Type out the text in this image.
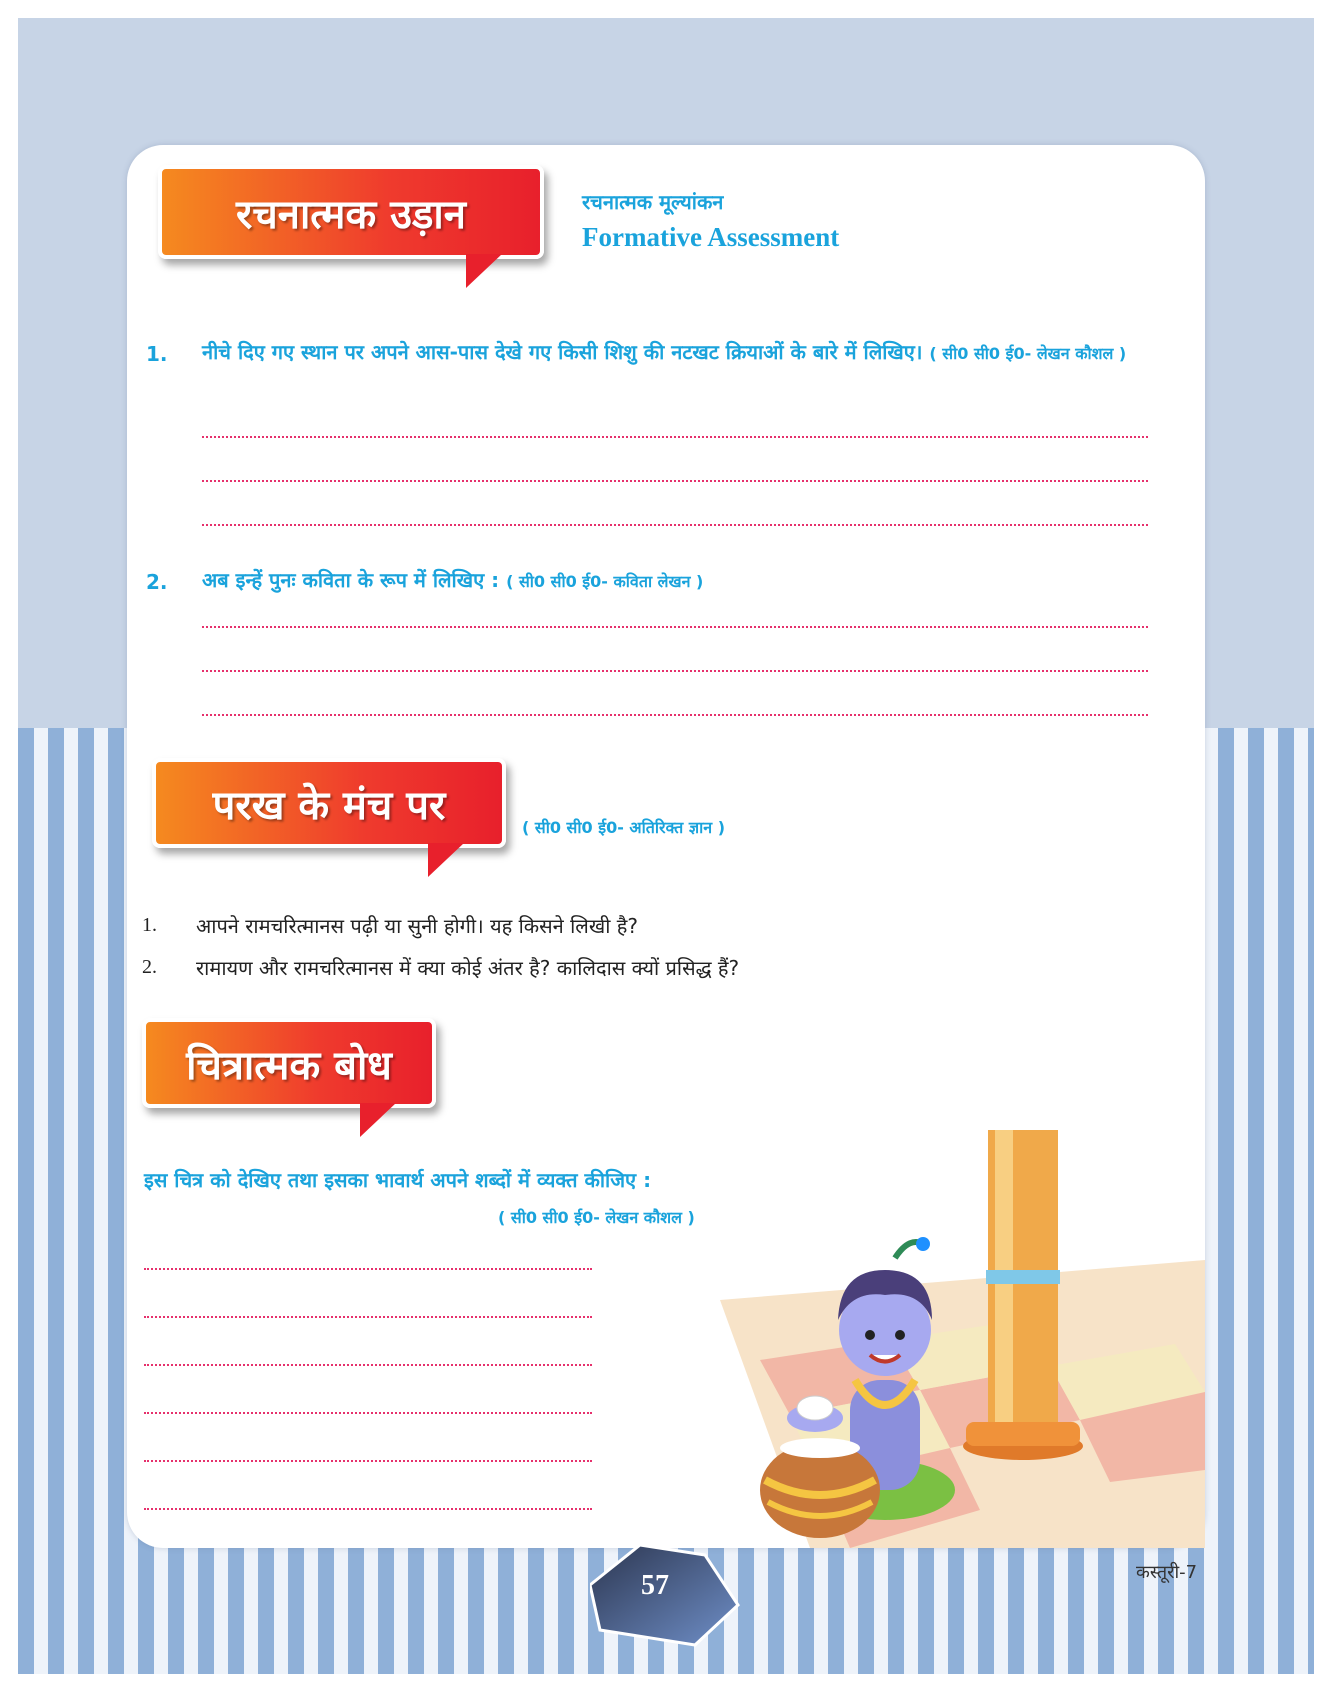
रचनात्मक उड़ान	रचनात्मक मूल्यांकन
Formative Assessment
1. नीचे दिए गए स्थान पर अपने आस-पास देखे गए किसी शिशु की नटखट क्रियाओं के बारे में लिखिए। ( सी0 सी0 ई0- लेखन कौशल )
2. अब इन्हें पुनः कविता के रूप में लिखिए : ( सी0 सी0 ई0- कविता लेखन )
परख के मंच पर	( सी0 सी0 ई0- अतिरिक्त ज्ञान )
1. आपने रामचरित्मानस पढ़ी या सुनी होगी। यह किसने लिखी है?
2. रामायण और रामचरित्मानस में क्या कोई अंतर है? कालिदास क्यों प्रसिद्ध हैं?
चित्रात्मक बोध
इस चित्र को देखिए तथा इसका भावार्थ अपने शब्दों में व्यक्त कीजिए :
( सी0 सी0 ई0- लेखन कौशल )
57	कस्तूरी-7
